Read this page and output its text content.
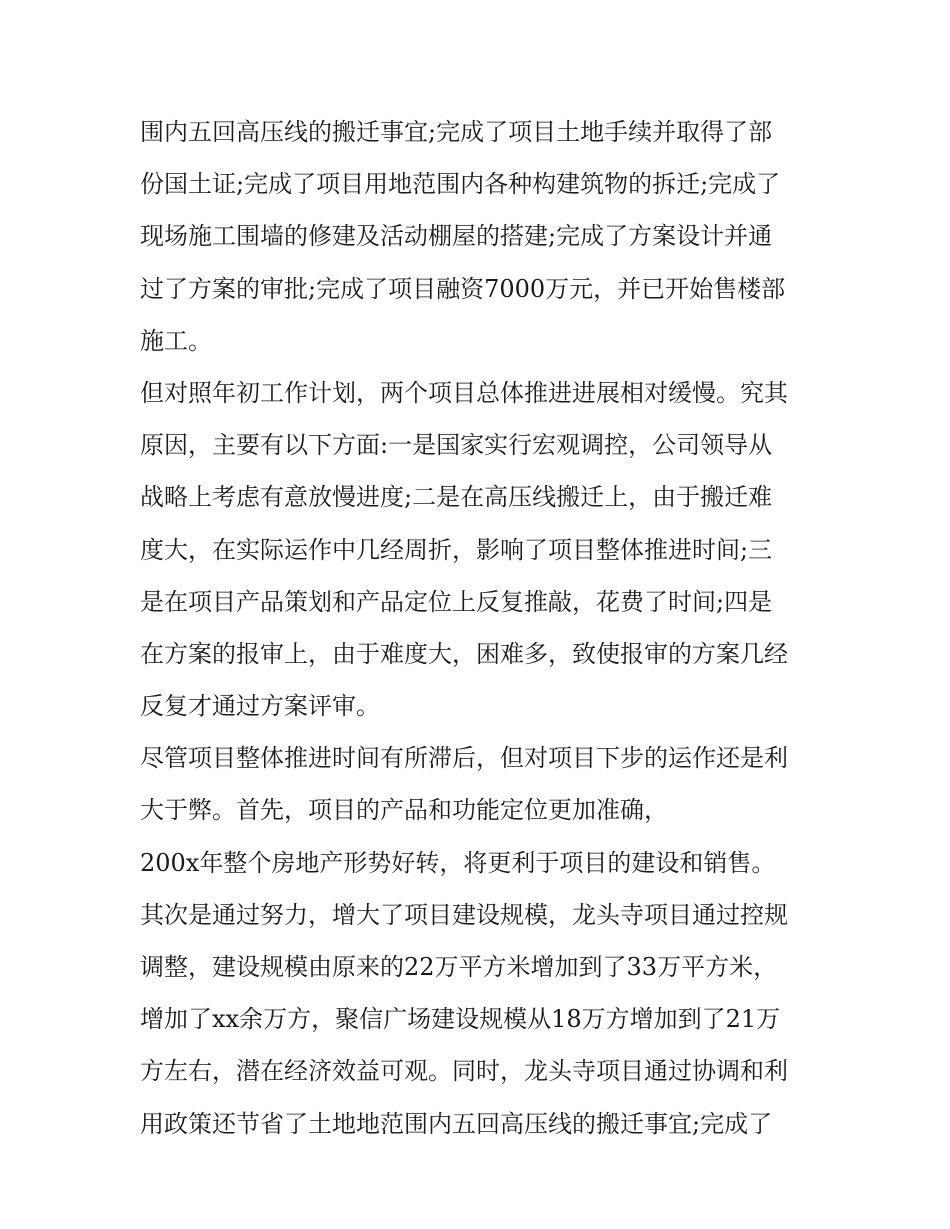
围内五回高压线的搬迁事宜;完成了项目土地手续并取得了部
份国土证;完成了项目用地范围内各种构建筑物的拆迁;完成了
现场施工围墙的修建及活动棚屋的搭建;完成了方案设计并通
过了方案的审批;完成了项目融资7000万元，并已开始售楼部
施工。
但对照年初工作计划，两个项目总体推进进展相对缓慢。究其
原因，主要有以下方面:一是国家实行宏观调控，公司领导从
战略上考虑有意放慢进度;二是在高压线搬迁上，由于搬迁难
度大，在实际运作中几经周折，影响了项目整体推进时间;三
是在项目产品策划和产品定位上反复推敲，花费了时间;四是
在方案的报审上，由于难度大，困难多，致使报审的方案几经
反复才通过方案评审。
尽管项目整体推进时间有所滞后，但对项目下步的运作还是利
大于弊。首先，项目的产品和功能定位更加准确，
200x年整个房地产形势好转，将更利于项目的建设和销售。
其次是通过努力，增大了项目建设规模，龙头寺项目通过控规
调整，建设规模由原来的22万平方米增加到了33万平方米，
增加了xx余万方，聚信广场建设规模从18万方增加到了21万
方左右，潜在经济效益可观。同时，龙头寺项目通过协调和利
用政策还节省了土地地范围内五回高压线的搬迁事宜;完成了
